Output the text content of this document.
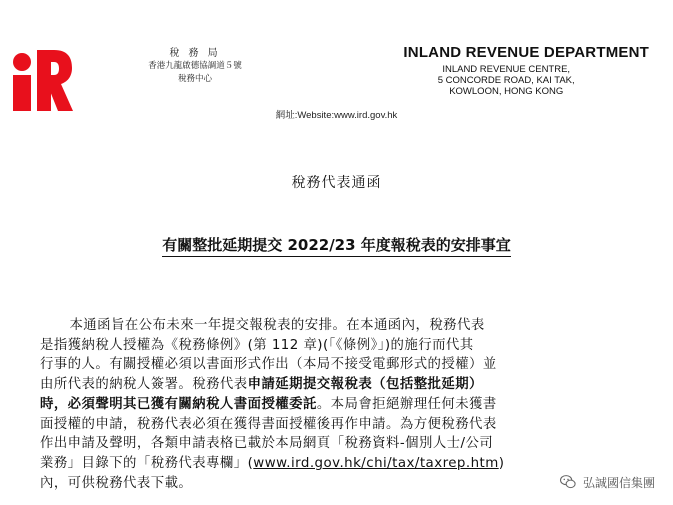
稅 務 局
香港九龍啟德協調道５號
稅務中心
INLAND REVENUE DEPARTMENT
INLAND REVENUE CENTRE,
5 CONCORDE ROAD, KAI TAK,
KOWLOON, HONG KONG
網址:Website:www.ird.gov.hk
稅務代表通函
有關整批延期提交 2022/23 年度報稅表的安排事宜
本通函旨在公布未來一年提交報稅表的安排。在本通函內，稅務代表
是指獲納稅人授權為《稅務條例》(第 112 章)(「《條例》」)的施行而代其
行事的人。有關授權必須以書面形式作出（本局不接受電郵形式的授權）並
由所代表的納稅人簽署。稅務代表申請延期提交報稅表（包括整批延期）
時，必須聲明其已獲有關納稅人書面授權委託。本局會拒絕辦理任何未獲書
面授權的申請，稅務代表必須在獲得書面授權後再作申請。為方便稅務代表
作出申請及聲明，各類申請表格已載於本局網頁「稅務資料-個別人士/公司
業務」目錄下的「稅務代表專欄」(www.ird.gov.hk/chi/tax/taxrep.htm)
內，可供稅務代表下載。	弘誠國信集團
